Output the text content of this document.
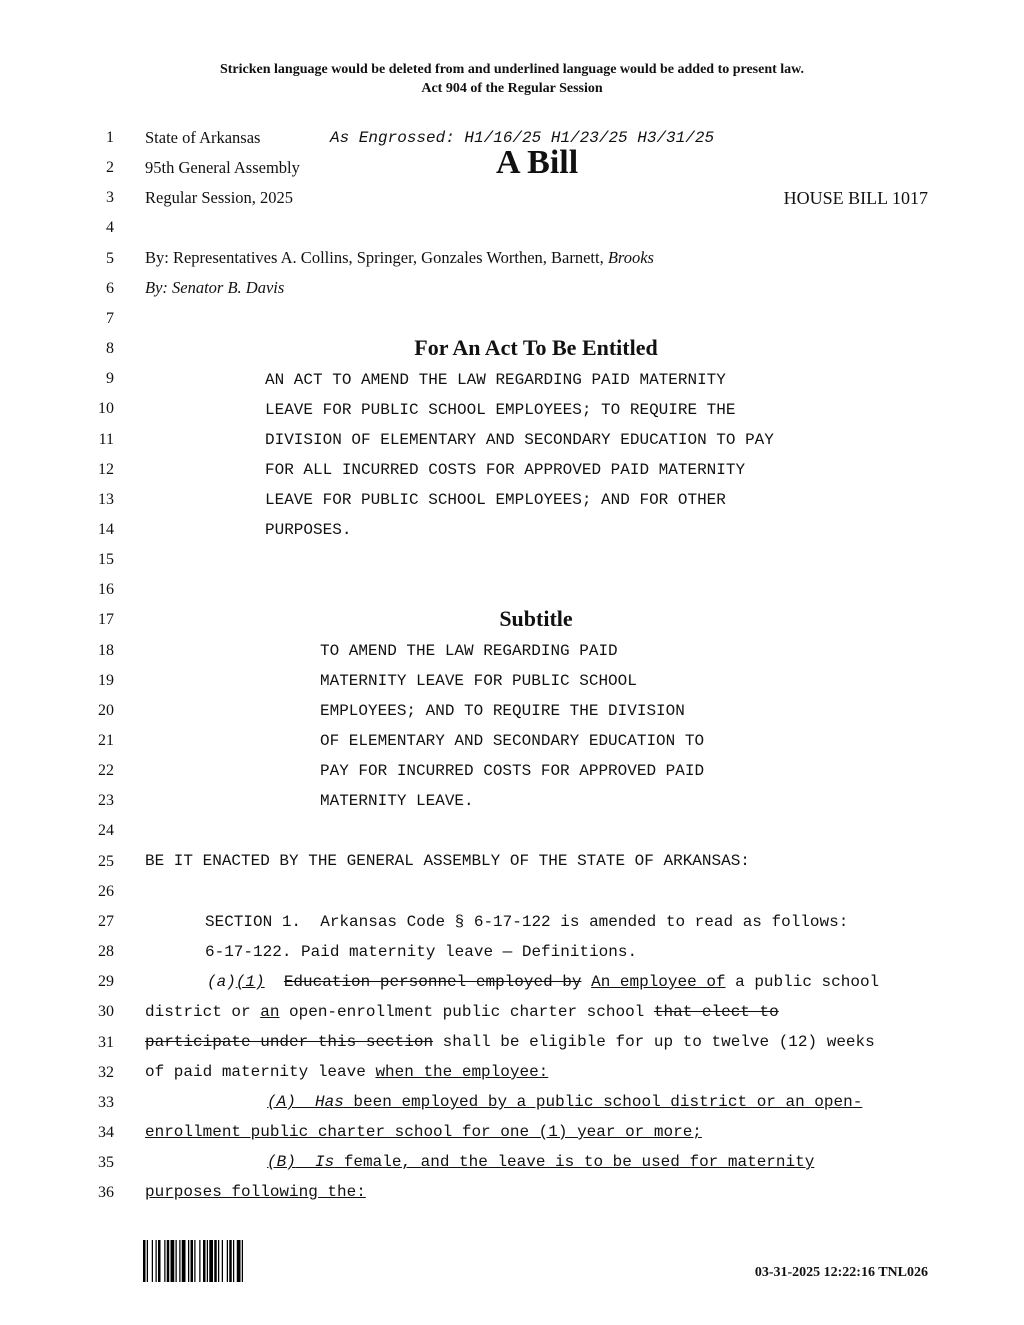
Stricken language would be deleted from and underlined language would be added to present law.
Act 904 of the Regular Session
1
2
3
4
5
6
7
8
9
10
11
12
13
14
15
16
17
18
19
20
21
22
23
24
25
26
27
28
29
30
31
32
33
34
35
36
State of Arkansas	As Engrossed: H1/16/25 H1/23/25 H3/31/25
95th General Assembly	A Bill
Regular Session, 2025	HOUSE BILL 1017
By: Representatives A. Collins, Springer, Gonzales Worthen, Barnett, Brooks
By: Senator B. Davis
For An Act To Be Entitled
AN ACT TO AMEND THE LAW REGARDING PAID MATERNITY
LEAVE FOR PUBLIC SCHOOL EMPLOYEES; TO REQUIRE THE
DIVISION OF ELEMENTARY AND SECONDARY EDUCATION TO PAY
FOR ALL INCURRED COSTS FOR APPROVED PAID MATERNITY
LEAVE FOR PUBLIC SCHOOL EMPLOYEES; AND FOR OTHER
PURPOSES.
Subtitle
TO AMEND THE LAW REGARDING PAID
MATERNITY LEAVE FOR PUBLIC SCHOOL
EMPLOYEES; AND TO REQUIRE THE DIVISION
OF ELEMENTARY AND SECONDARY EDUCATION TO
PAY FOR INCURRED COSTS FOR APPROVED PAID
MATERNITY LEAVE.
BE IT ENACTED BY THE GENERAL ASSEMBLY OF THE STATE OF ARKANSAS:
SECTION 1.  Arkansas Code § 6-17-122 is amended to read as follows:
6-17-122. Paid maternity leave — Definitions.
(a)(1) Education personnel employed by An employee of a public school
district or an open-enrollment public charter school that elect to
participate under this section shall be eligible for up to twelve (12) weeks
of paid maternity leave when the employee:
(A) Has been employed by a public school district or an open-
enrollment public charter school for one (1) year or more;
(B) Is female, and the leave is to be used for maternity
purposes following the:
03-31-2025 12:22:16 TNL026
